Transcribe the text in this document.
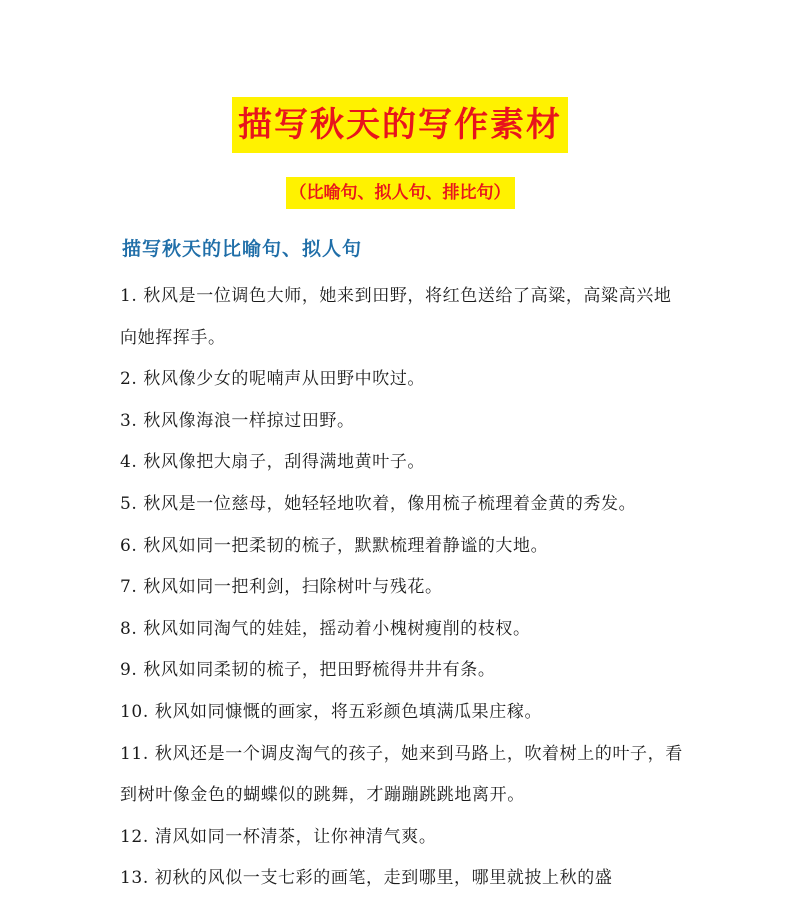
描写秋天的写作素材
（比喻句、拟人句、排比句）
描写秋天的比喻句、拟人句

1. 秋风是一位调色大师，她来到田野，将红色送给了高粱，高粱高兴地向她挥挥手。

2. 秋风像少女的呢喃声从田野中吹过。

3. 秋风像海浪一样掠过田野。

4. 秋风像把大扇子，刮得满地黄叶子。

5. 秋风是一位慈母，她轻轻地吹着，像用梳子梳理着金黄的秀发。

6. 秋风如同一把柔韧的梳子，默默梳理着静谧的大地。

7. 秋风如同一把利剑，扫除树叶与残花。

8. 秋风如同淘气的娃娃，摇动着小槐树瘦削的枝杈。

9. 秋风如同柔韧的梳子，把田野梳得井井有条。

10. 秋风如同慷慨的画家，将五彩颜色填满瓜果庄稼。

11. 秋风还是一个调皮淘气的孩子，她来到马路上，吹着树上的叶子，看到树叶像金色的蝴蝶似的跳舞，才蹦蹦跳跳地离开。

12. 清风如同一杯清茶，让你神清气爽。

13. 初秋的风似一支七彩的画笔，走到哪里，哪里就披上秋的盛
